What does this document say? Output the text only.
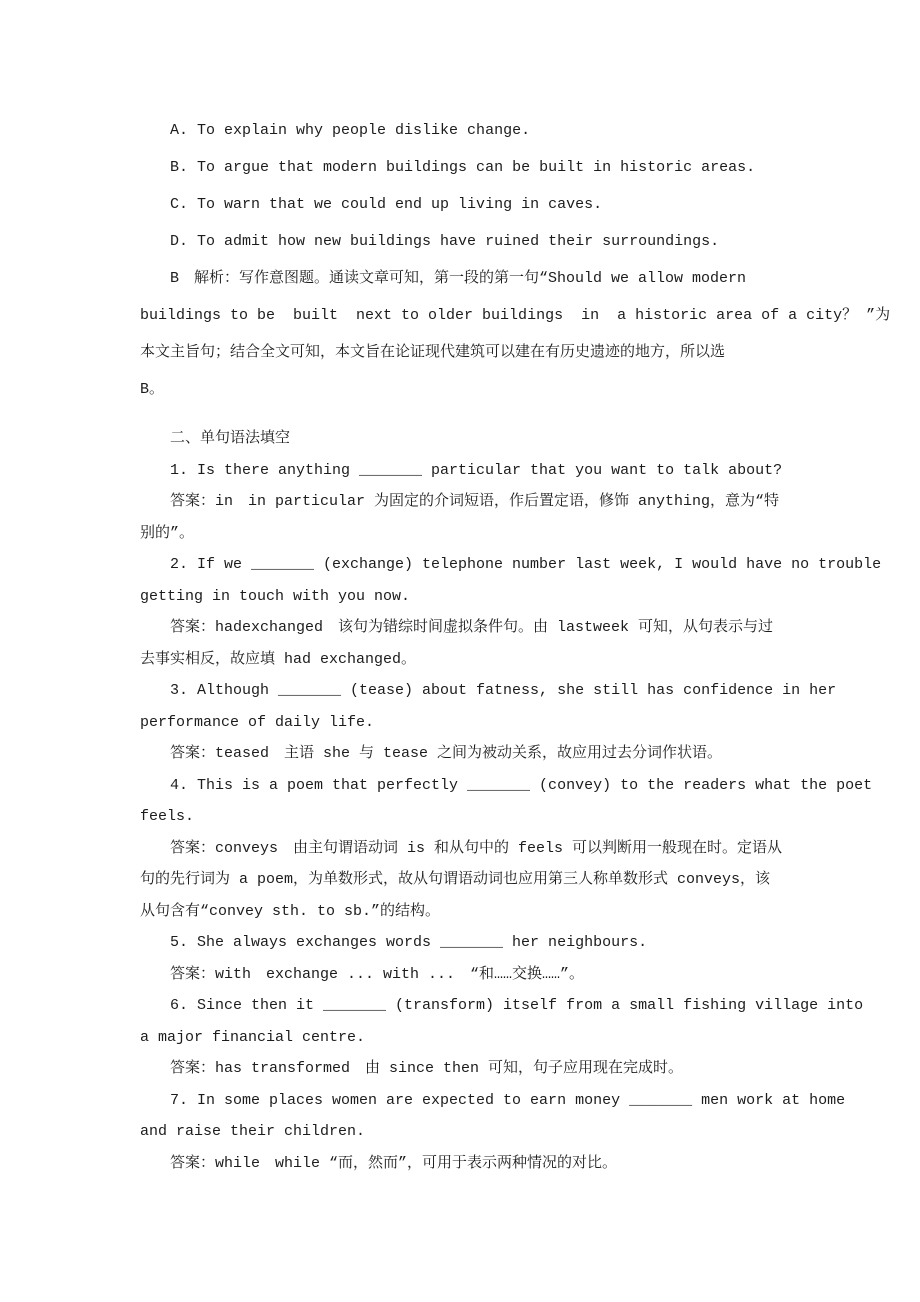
A. To explain why people dislike change.
B. To argue that modern buildings can be built in historic areas.
C. To warn that we could end up living in caves.
D. To admit how new buildings have ruined their surroundings.
B　解析：写作意图题。通读文章可知，第一段的第一句“Should we allow modern
buildings to be  built  next to older buildings  in  a historic area of a city？ ”为
本文主旨句；结合全文可知，本文旨在论证现代建筑可以建在有历史遗迹的地方，所以选
B。
二、单句语法填空
1. Is there anything _______ particular that you want to talk about?
答案：in　in particular 为固定的介词短语，作后置定语，修饰 anything，意为“特
别的”。
2. If we _______ (exchange) telephone number last week, I would have no trouble
getting in touch with you now.
答案：hadexchanged　该句为错综时间虚拟条件句。由 lastweek 可知，从句表示与过
去事实相反，故应填 had exchanged。
3. Although _______ (tease) about fatness, she still has confidence in her
performance of daily life.
答案：teased　主语 she 与 tease 之间为被动关系，故应用过去分词作状语。
4. This is a poem that perfectly _______ (convey) to the readers what the poet
feels.
答案：conveys　由主句谓语动词 is 和从句中的 feels 可以判断用一般现在时。定语从
句的先行词为 a poem，为单数形式，故从句谓语动词也应用第三人称单数形式 conveys，该
从句含有“convey sth. to sb.”的结构。
5. She always exchanges words _______ her neighbours.
答案：with　exchange ... with ...　“和……交换……”。
6. Since then it _______ (transform) itself from a small fishing village into
a major financial centre.
答案：has transformed　由 since then 可知，句子应用现在完成时。
7. In some places women are expected to earn money _______ men work at home
and raise their children.
答案：while　while “而，然而”，可用于表示两种情况的对比。
